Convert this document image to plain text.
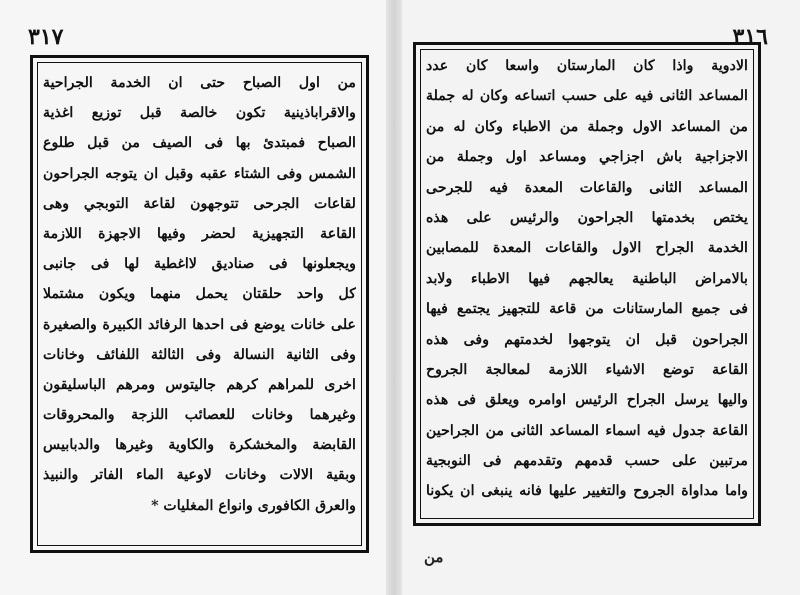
٣١٧
من اول الصباح حتى ان الخدمة الجراحية
والاقراباذينية تكون خالصة قبل توزيع اغذية
الصباح فمبتدئ بها فى الصيف من قبل طلوع
الشمس وفى الشتاء عقبه وقبل ان يتوجه الجراحون
لقاعات الجرحى تتوجهون لقاعة التوبجي وهى
القاعة التجهيزية لحضر وفيها الاجهزة اللازمة
ويجعلونها فى صناديق لااغطية لها فى جانبى
كل واحد حلقتان يحمل منهما ويكون مشتملا
على خانات يوضع فى احدها الرفائد الكبيرة والصغيرة
وفى الثانية النسالة وفى الثالثة اللفائف وخانات
اخرى للمراهم كرهم جاليتوس ومرهم الباسليقون
وغيرهما وخانات للعصائب اللزجة والمحروقات
القابضة والمخشكرة والكاوية وغيرها والدبابيس
وبقية الالات وخانات لاوعية الماء الفاتر والنبيذ
والعرق الكافورى وانواع المغليات *
٣١٦
الادوية واذا كان المارستان واسعا كان عدد
المساعد الثانى فيه على حسب اتساعه وكان له جملة
من المساعد الاول وجملة من الاطباء وكان له من
الاجزاجية باش اجزاجي ومساعد اول وجملة من
المساعد الثانى والقاعات المعدة فيه للجرحى
يختص بخدمتها الجراحون والرئيس على هذه
الخدمة الجراح الاول والقاعات المعدة للمصابين
بالامراض الباطنية يعالجهم فيها الاطباء ولابد
فى جميع المارستانات من قاعة للتجهيز يجتمع فيها
الجراحون قبل ان يتوجهوا لخدمتهم وفى هذه
القاعة توضع الاشياء اللازمة لمعالجة الجروح
واليها يرسل الجراح الرئيس اوامره ويعلق فى هذه
القاعة جدول فيه اسماء المساعد الثانى من الجراحين
مرتبين على حسب قدمهم وتقدمهم فى النوبجية
واما مداواة الجروح والتغيير عليها فانه ينبغى ان يكونا
من
